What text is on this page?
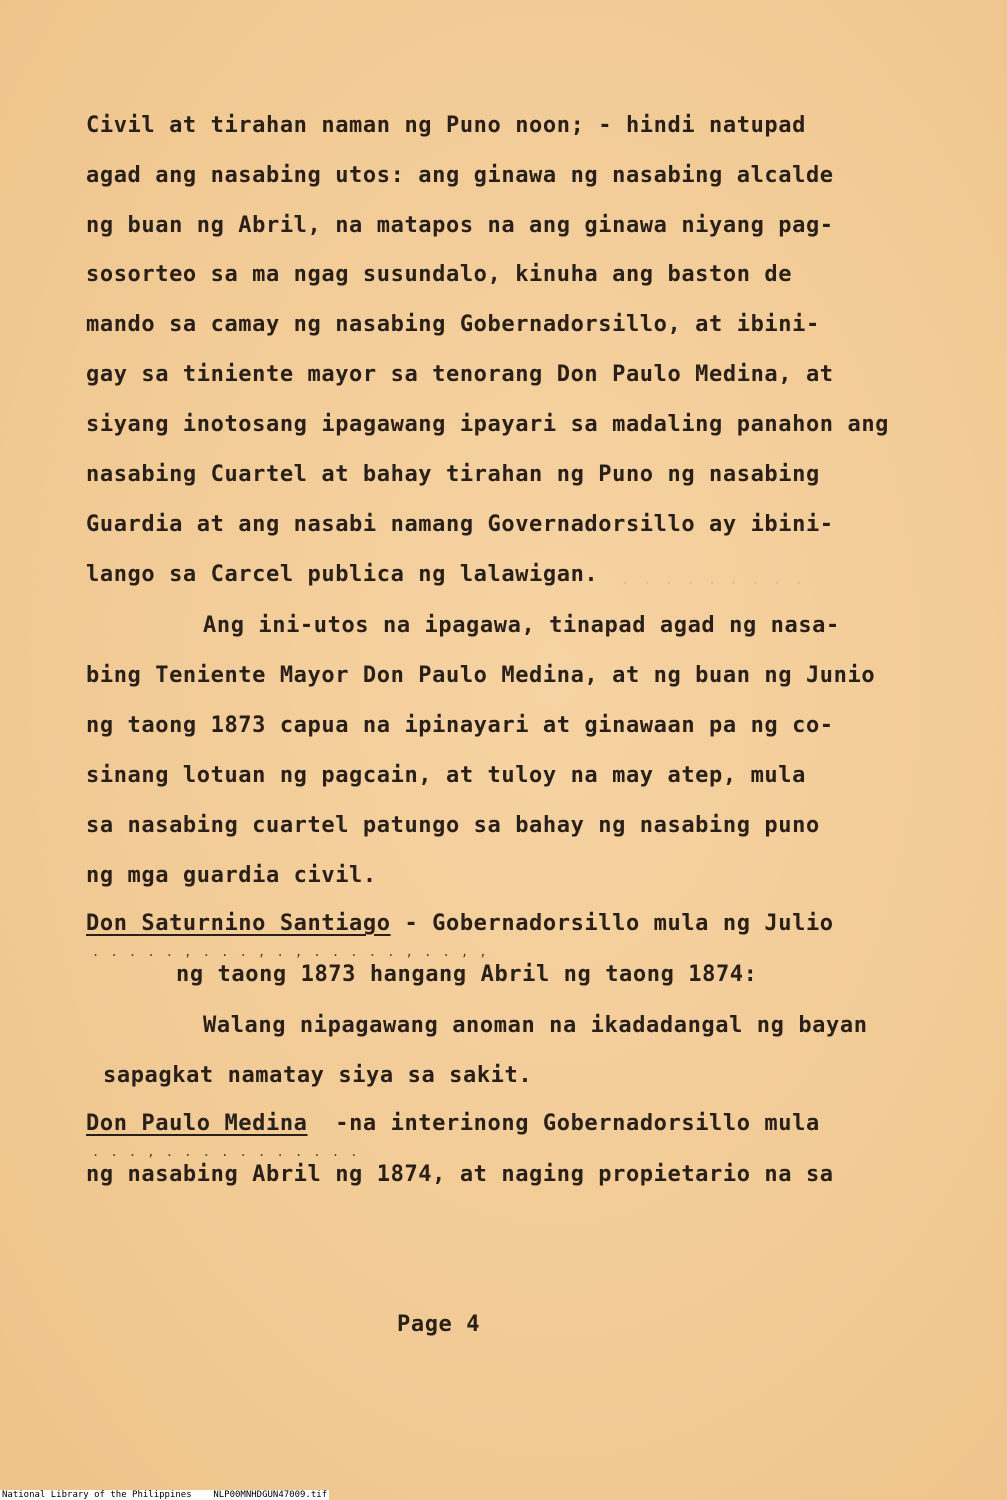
. . . . . . . . .
Civil at tirahan naman ng Puno noon; - hindi natupad
agad ang nasabing utos: ang ginawa ng nasabing alcalde
ng buan ng Abril, na matapos na ang ginawa niyang pag-
sosorteo sa ma ngag susundalo, kinuha ang baston de
mando sa camay ng nasabing Gobernadorsillo, at ibini-
gay sa tiniente mayor sa tenorang Don Paulo Medina, at
siyang inotosang ipagawang ipayari sa madaling panahon ang
nasabing Cuartel at bahay tirahan ng Puno ng nasabing
Guardia at ang nasabi namang Governadorsillo ay ibini-
lango sa Carcel publica ng lalawigan.
Ang ini-utos na ipagawa, tinapad agad ng nasa-
bing Teniente Mayor Don Paulo Medina, at ng buan ng Junio
ng taong 1873 capua na ipinayari at ginawaan pa ng co-
sinang lotuan ng pagcain, at tuloy na may atep, mula
sa nasabing cuartel patungo sa bahay ng nasabing puno
ng mga guardia civil.
Don Saturnino Santiago - Gobernadorsillo mula ng Julio
. . . . . , . . . , . , . . . . . , . . , ,
ng taong 1873 hangang Abril ng taong 1874:
Walang nipagawang anoman na ikadadangal ng bayan
sapagkat namatay siya sa sakit.
Don Paulo Medina  -na interinong Gobernadorsillo mula
. . . , . . . . . . . . . . .
ng nasabing Abril ng 1874, at naging propietario na sa
Page 4
National Library of the Philippines    NLP00MNHDGUN47009.tif
